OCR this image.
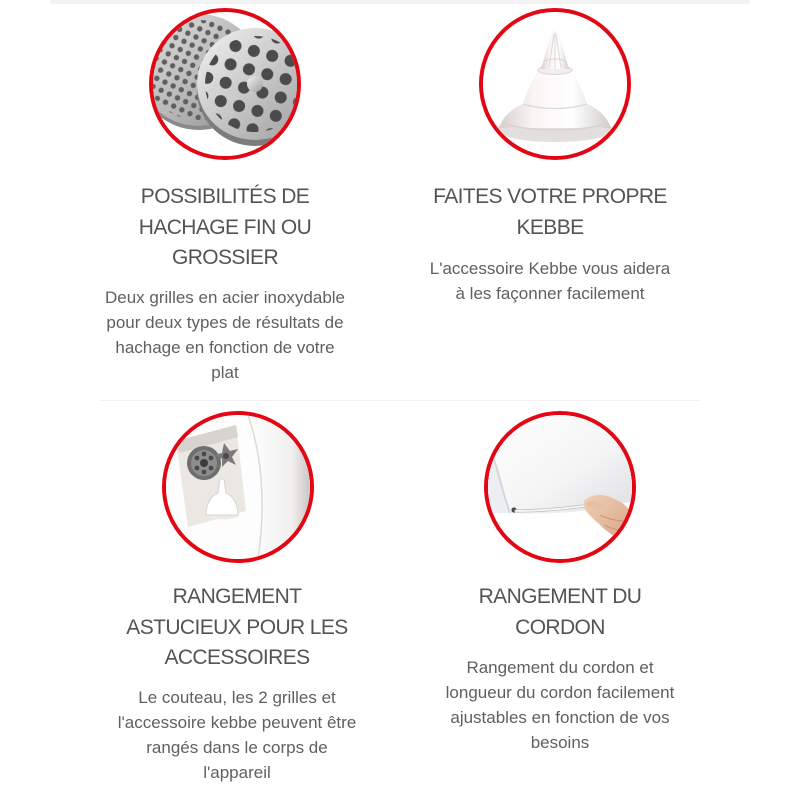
POSSIBILITÉS DE
HACHAGE FIN OU
GROSSIER
Deux grilles en acier inoxydable
pour deux types de résultats de
hachage en fonction de votre
plat
FAITES VOTRE PROPRE
KEBBE
L'accessoire Kebbe vous aidera
à les façonner facilement
RANGEMENT
ASTUCIEUX POUR LES
ACCESSOIRES
Le couteau, les 2 grilles et
l'accessoire kebbe peuvent être
rangés dans le corps de
l'appareil
RANGEMENT DU
CORDON
Rangement du cordon et
longueur du cordon facilement
ajustables en fonction de vos
besoins
